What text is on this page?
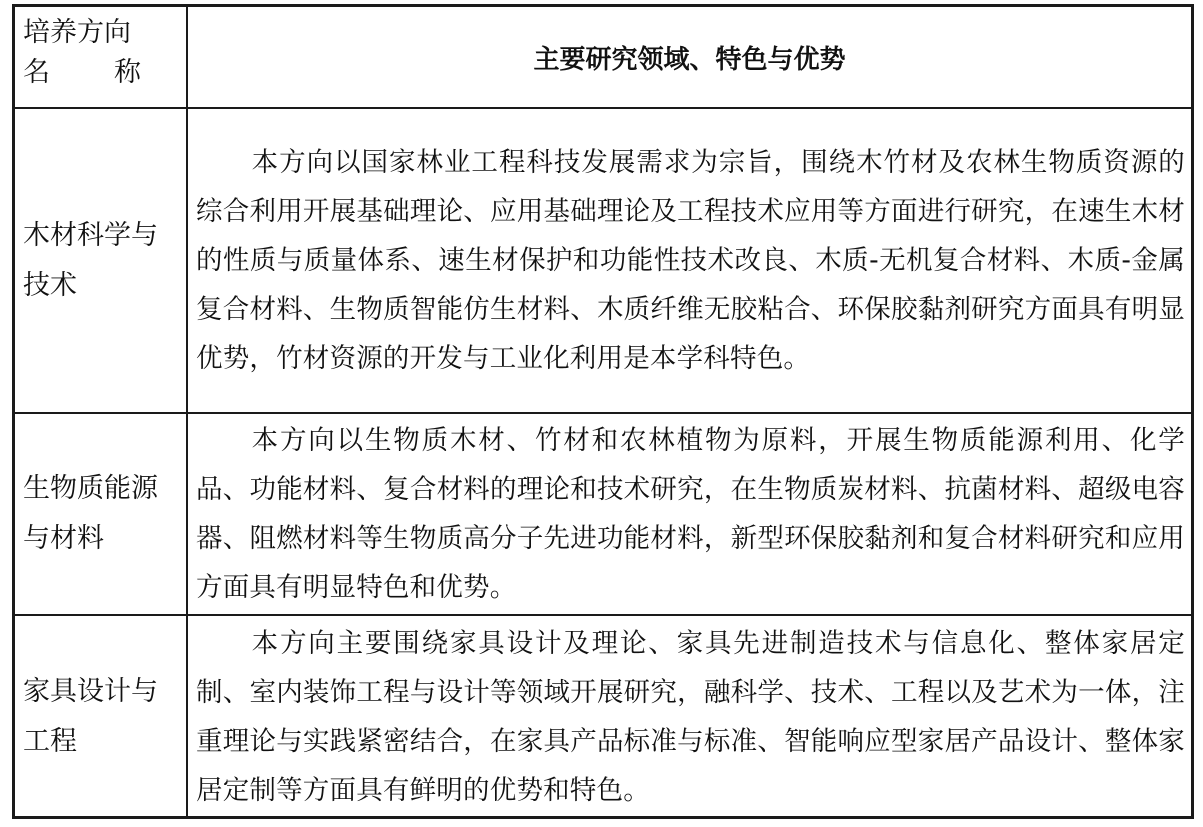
培养方向
名 称	主要研究领域、特色与优势
木材科学与技术	本方向以国家林业工程科技发展需求为宗旨，围绕木竹材及农林生物质资源的综合利用开展基础理论、应用基础理论及工程技术应用等方面进行研究，在速生木材的性质与质量体系、速生材保护和功能性技术改良、木质-无机复合材料、木质-金属复合材料、生物质智能仿生材料、木质纤维无胶粘合、环保胶黏剂研究方面具有明显优势，竹材资源的开发与工业化利用是本学科特色。
生物质能源与材料	本方向以生物质木材、竹材和农林植物为原料，开展生物质能源利用、化学品、功能材料、复合材料的理论和技术研究，在生物质炭材料、抗菌材料、超级电容器、阻燃材料等生物质高分子先进功能材料，新型环保胶黏剂和复合材料研究和应用方面具有明显特色和优势。
家具设计与工程	本方向主要围绕家具设计及理论、家具先进制造技术与信息化、整体家居定制、室内装饰工程与设计等领域开展研究，融科学、技术、工程以及艺术为一体，注重理论与实践紧密结合，在家具产品标准与标准、智能响应型家居产品设计、整体家居定制等方面具有鲜明的优势和特色。
